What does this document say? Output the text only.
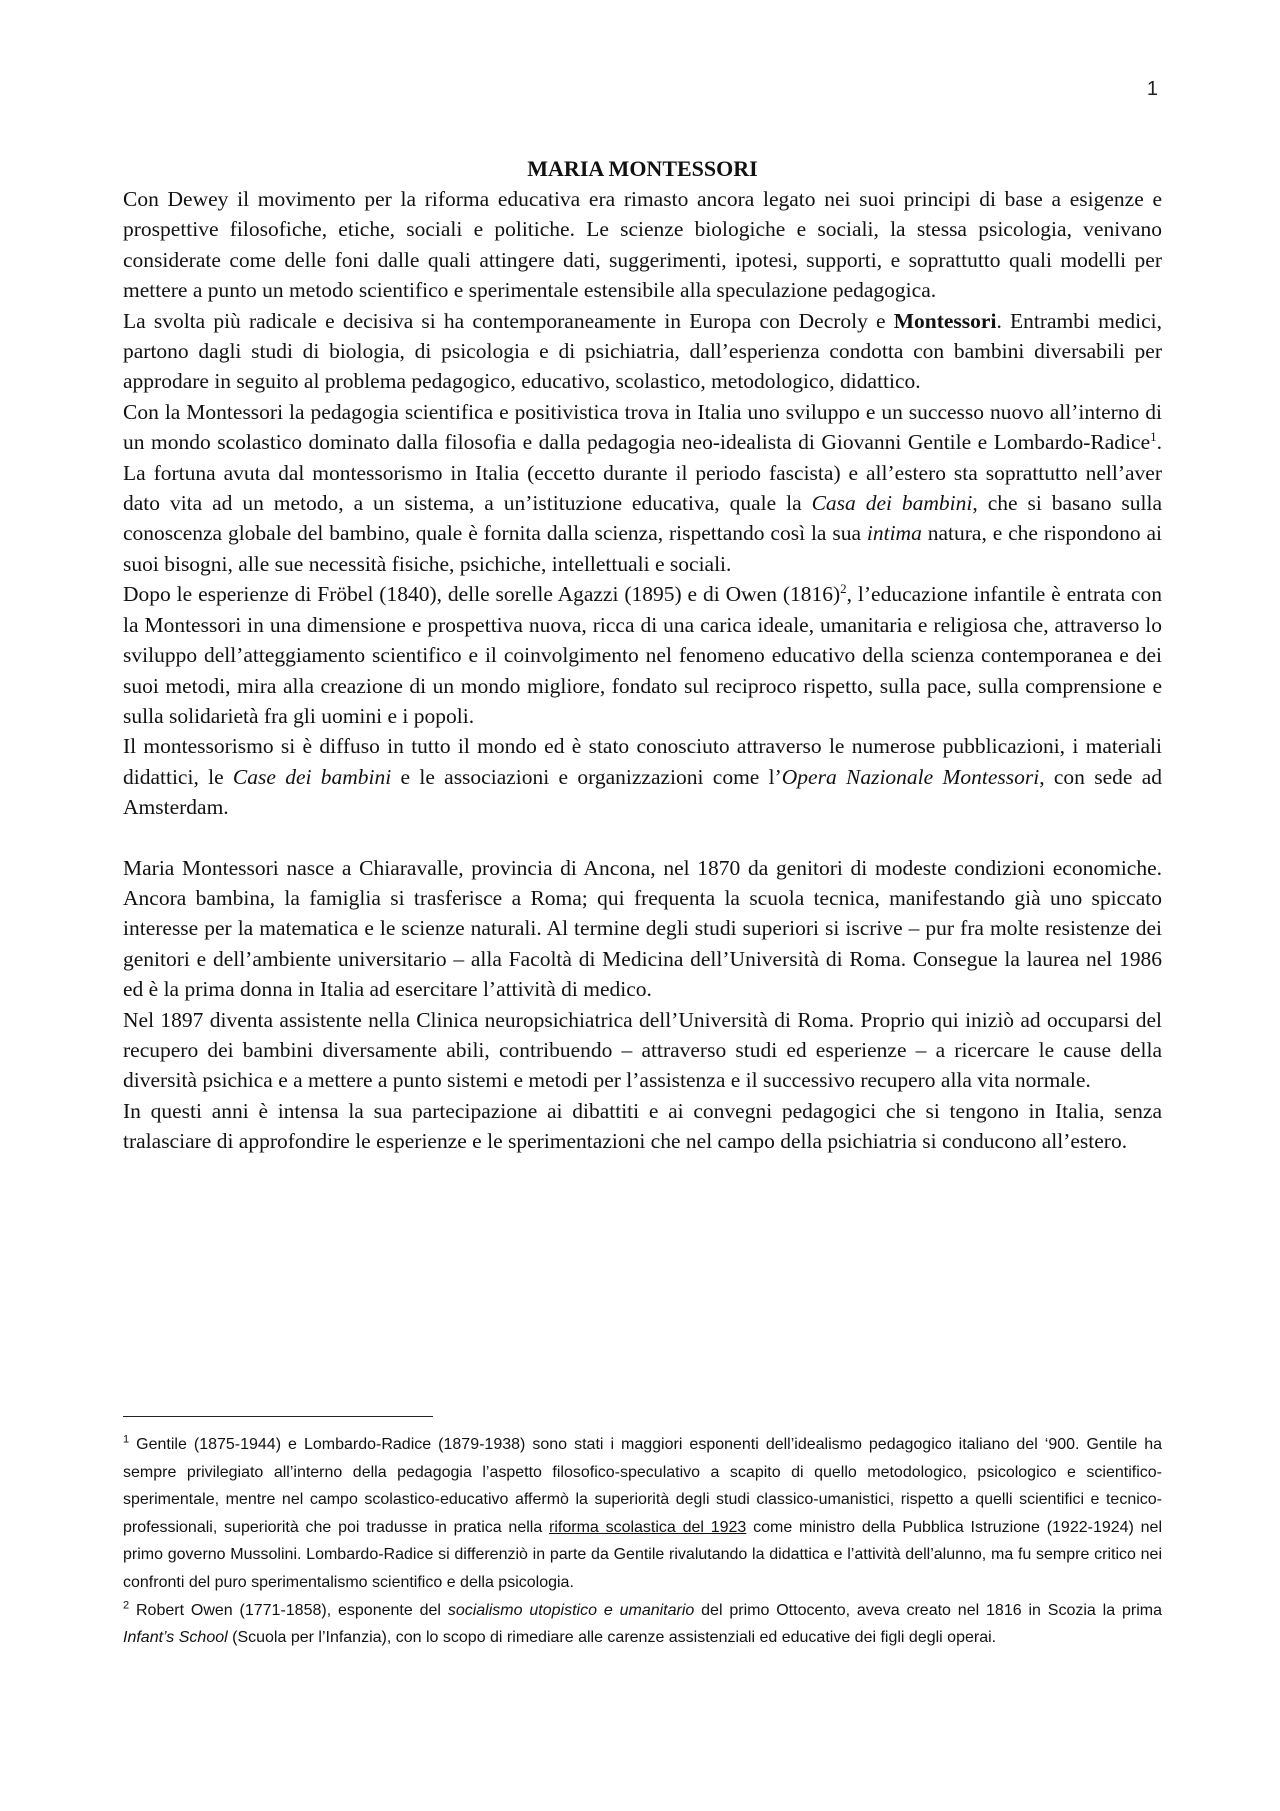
1
MARIA MONTESSORI

Con Dewey il movimento per la riforma educativa era rimasto ancora legato nei suoi principi di base a esigenze e prospettive filosofiche, etiche, sociali e politiche. Le scienze biologiche e sociali, la stessa psicologia, venivano considerate come delle foni dalle quali attingere dati, suggerimenti, ipotesi, supporti, e soprattutto quali modelli per mettere a punto un metodo scientifico e sperimentale estensibile alla speculazione pedagogica.

La svolta più radicale e decisiva si ha contemporaneamente in Europa con Decroly e Montessori. Entrambi medici, partono dagli studi di biologia, di psicologia e di psichiatria, dall’esperienza condotta con bambini diversabili per approdare in seguito al problema pedagogico, educativo, scolastico, metodologico, didattico.

Con la Montessori la pedagogia scientifica e positivistica trova in Italia uno sviluppo e un successo nuovo all’interno di un mondo scolastico dominato dalla filosofia e dalla pedagogia neo-idealista di Giovanni Gentile e Lombardo-Radice$^1$. La fortuna avuta dal montessorismo in Italia (eccetto durante il periodo fascista) e all’estero sta soprattutto nell’aver dato vita ad un metodo, a un sistema, a un’istituzione educativa, quale la Casa dei bambini, che si basano sulla conoscenza globale del bambino, quale è fornita dalla scienza, rispettando così la sua intima natura, e che rispondono ai suoi bisogni, alle sue necessità fisiche, psichiche, intellettuali e sociali.

Dopo le esperienze di Fröbel (1840), delle sorelle Agazzi (1895) e di Owen $(1816)^2$, l’educazione infantile è entrata con la Montessori in una dimensione e prospettiva nuova, ricca di una carica ideale, umanitaria e religiosa che, attraverso lo sviluppo dell’atteggiamento scientifico e il coinvolgimento nel fenomeno educativo della scienza contemporanea e dei suoi metodi, mira alla creazione di un mondo migliore, fondato sul reciproco rispetto, sulla pace, sulla comprensione e sulla solidarietà fra gli uomini e i popoli.

Il montessorismo si è diffuso in tutto il mondo ed è stato conosciuto attraverso le numerose pubblicazioni, i materiali didattici, le Case dei bambini e le associazioni e organizzazioni come l’Opera Nazionale Montessori, con sede ad Amsterdam.

Maria Montessori nasce a Chiaravalle, provincia di Ancona, nel 1870 da genitori di modeste condizioni economiche. Ancora bambina, la famiglia si trasferisce a Roma; qui frequenta la scuola tecnica, manifestando già uno spiccato interesse per la matematica e le scienze naturali. Al termine degli studi superiori si iscrive – pur fra molte resistenze dei genitori e dell’ambiente universitario – alla Facoltà di Medicina dell’Università di Roma. Consegue la laurea nel 1986 ed è la prima donna in Italia ad esercitare l’attività di medico.

Nel 1897 diventa assistente nella Clinica neuropsichiatrica dell’Università di Roma. Proprio qui iniziò ad occuparsi del recupero dei bambini diversamente abili, contribuendo – attraverso studi ed esperienze – a ricercare le cause della diversità psichica e a mettere a punto sistemi e metodi per l’assistenza e il successivo recupero alla vita normale.

In questi anni è intensa la sua partecipazione ai dibattiti e ai convegni pedagogici che si tengono in Italia, senza tralasciare di approfondire le esperienze e le sperimentazioni che nel campo della psichiatria si conducono all’estero.

$^1$ Gentile (1875-1944) e Lombardo-Radice (1879-1938) sono stati i maggiori esponenti dell’idealismo pedagogico italiano del ‘900. Gentile ha sempre privilegiato all’interno della pedagogia l’aspetto filosofico-speculativo a scapito di quello metodologico, psicologico e scientifico-sperimentale, mentre nel campo scolastico-educativo affermò la superiorità degli studi classico-umanistici, rispetto a quelli scientifici e tecnico-professionali, superiorità che poi tradusse in pratica nella riforma scolastica del 1923 come ministro della Pubblica Istruzione (1922-1924) nel primo governo Mussolini. Lombardo-Radice si differenziò in parte da Gentile rivalutando la didattica e l’attività dell’alunno, ma fu sempre critico nei confronti del puro sperimentalismo scientifico e della psicologia.

$^2$ Robert Owen (1771-1858), esponente del socialismo utopistico e umanitario del primo Ottocento, aveva creato nel 1816 in Scozia la prima Infant’s School (Scuola per l’Infanzia), con lo scopo di rimediare alle carenze assistenziali ed educative dei figli degli operai.
